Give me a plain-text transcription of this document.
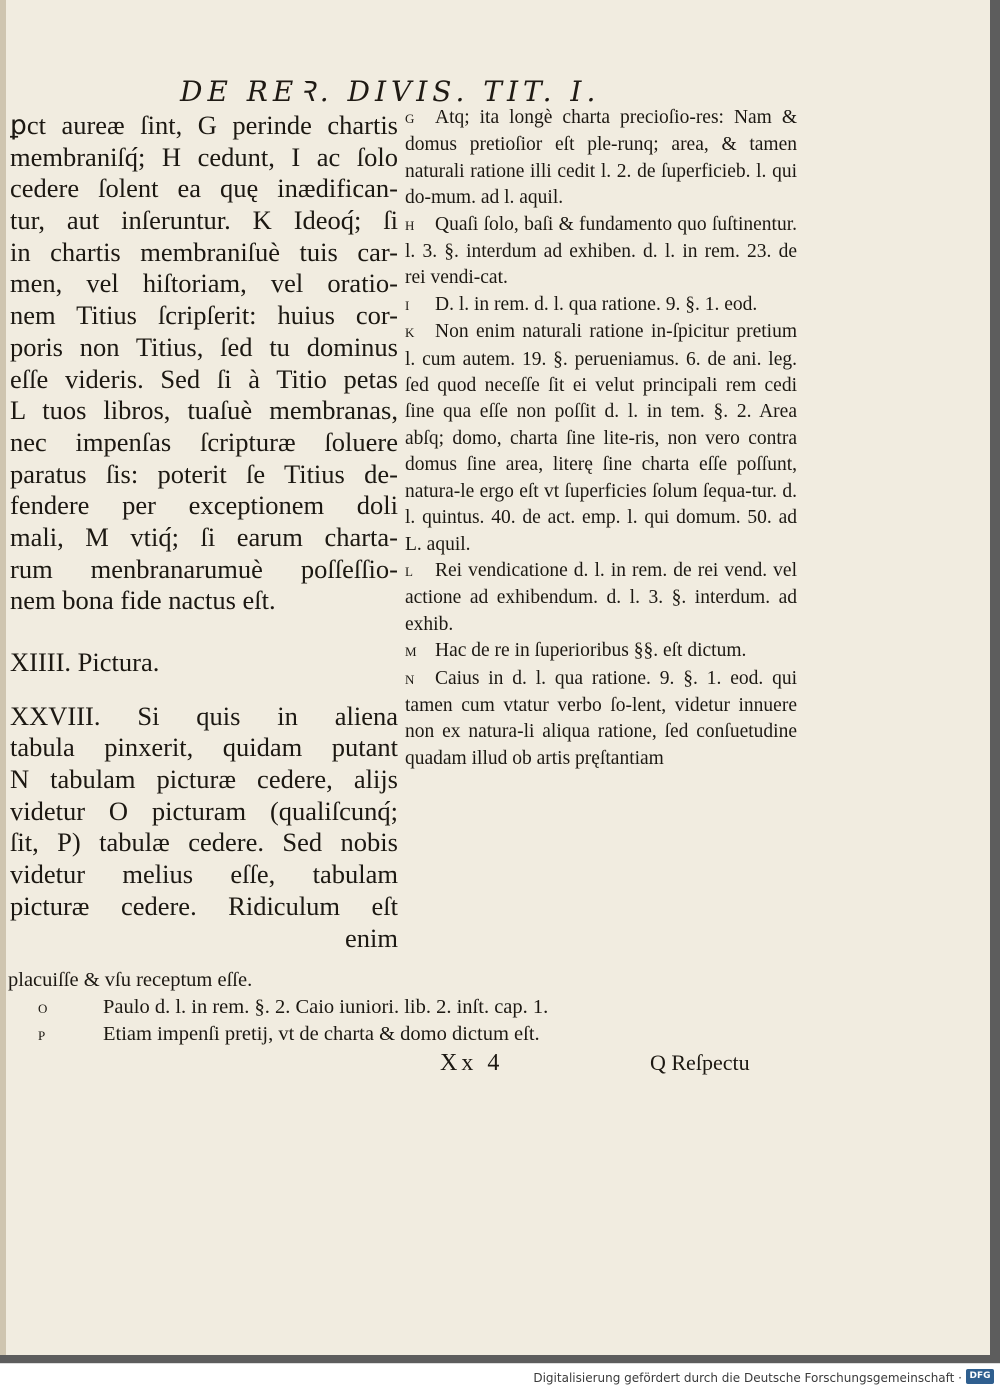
DE REꝚ. DIVIS. TIT. I.
ꝑct aureæ ſint, G perinde chartis
membraniſq́; H cedunt, I ac ſolo
cedere ſolent ea quę inædifican-
tur, aut inſeruntur. K Ideoq́; ſi
in chartis membraniſuè tuis car-
men, vel hiſtoriam, vel oratio-
nem Titius ſcripſerit: huius cor-
poris non Titius, ſed tu dominus
eſſe videris. Sed ſi à Titio petas
L tuos libros, tuaſuè membranas,
nec impenſas ſcripturæ ſoluere
paratus ſis: poterit ſe Titius de-
fendere per exceptionem doli
mali, M vtiq́; ſi earum charta-
rum menbranarumuè poſſeſſio-
nem bona fide nactus eſt.
XIIII. Pictura.
XXVIII. Si quis in aliena
tabula pinxerit, quidam putant
N tabulam picturæ cedere, alijs
videtur O picturam (qualiſcunq́;
ſit, P) tabulæ cedere. Sed nobis
videtur melius eſſe, tabulam
picturæ cedere. Ridiculum eſt
enim
G Atq; ita longè charta precioſio-res: Nam & domus pretioſior eſt ple-runq; area, & tamen naturali ratione illi cedit l. 2. de ſuperficieb. l. qui do-mum. ad l. aquil.
H Quaſi ſolo, baſi & fundamento quo ſuſtinentur. l. 3. §. interdum ad exhiben. d. l. in rem. 23. de rei vendi-cat.
I D. l. in rem. d. l. qua ratione. 9. §. 1. eod.
K Non enim naturali ratione in-ſpicitur pretium l. cum autem. 19. §. perueniamus. 6. de ani. leg. ſed quod neceſſe ſit ei velut principali rem cedi ſine qua eſſe non poſſit d. l. in tem. §. 2. Area abſq; domo, charta ſine lite-ris, non vero contra domus ſine area, literę ſine charta eſſe poſſunt, natura-le ergo eſt vt ſuperficies ſolum ſequa-tur. d. l. quintus. 40. de act. emp. l. qui domum. 50. ad L. aquil.
L Rei vendicatione d. l. in rem. de rei vend. vel actione ad exhibendum. d. l. 3. §. interdum. ad exhib.
M Hac de re in ſuperioribus §§. eſt dictum.
N Caius in d. l. qua ratione. 9. §. 1. eod. qui tamen cum vtatur verbo ſo-lent, videtur innuere non ex natura-li aliqua ratione, ſed conſuetudine quadam illud ob artis pręſtantiam
placuiſſe & vſu receptum eſſe.
O	Paulo d. l. in rem. §. 2. Caio iuniori. lib. 2. inſt. cap. 1.
P	Etiam impenſi pretij, vt de charta & domo dictum eſt.
Xx 4	Q Reſpectu
Digitalisierung gefördert durch die Deutsche Forschungsgemeinschaft · DFG
